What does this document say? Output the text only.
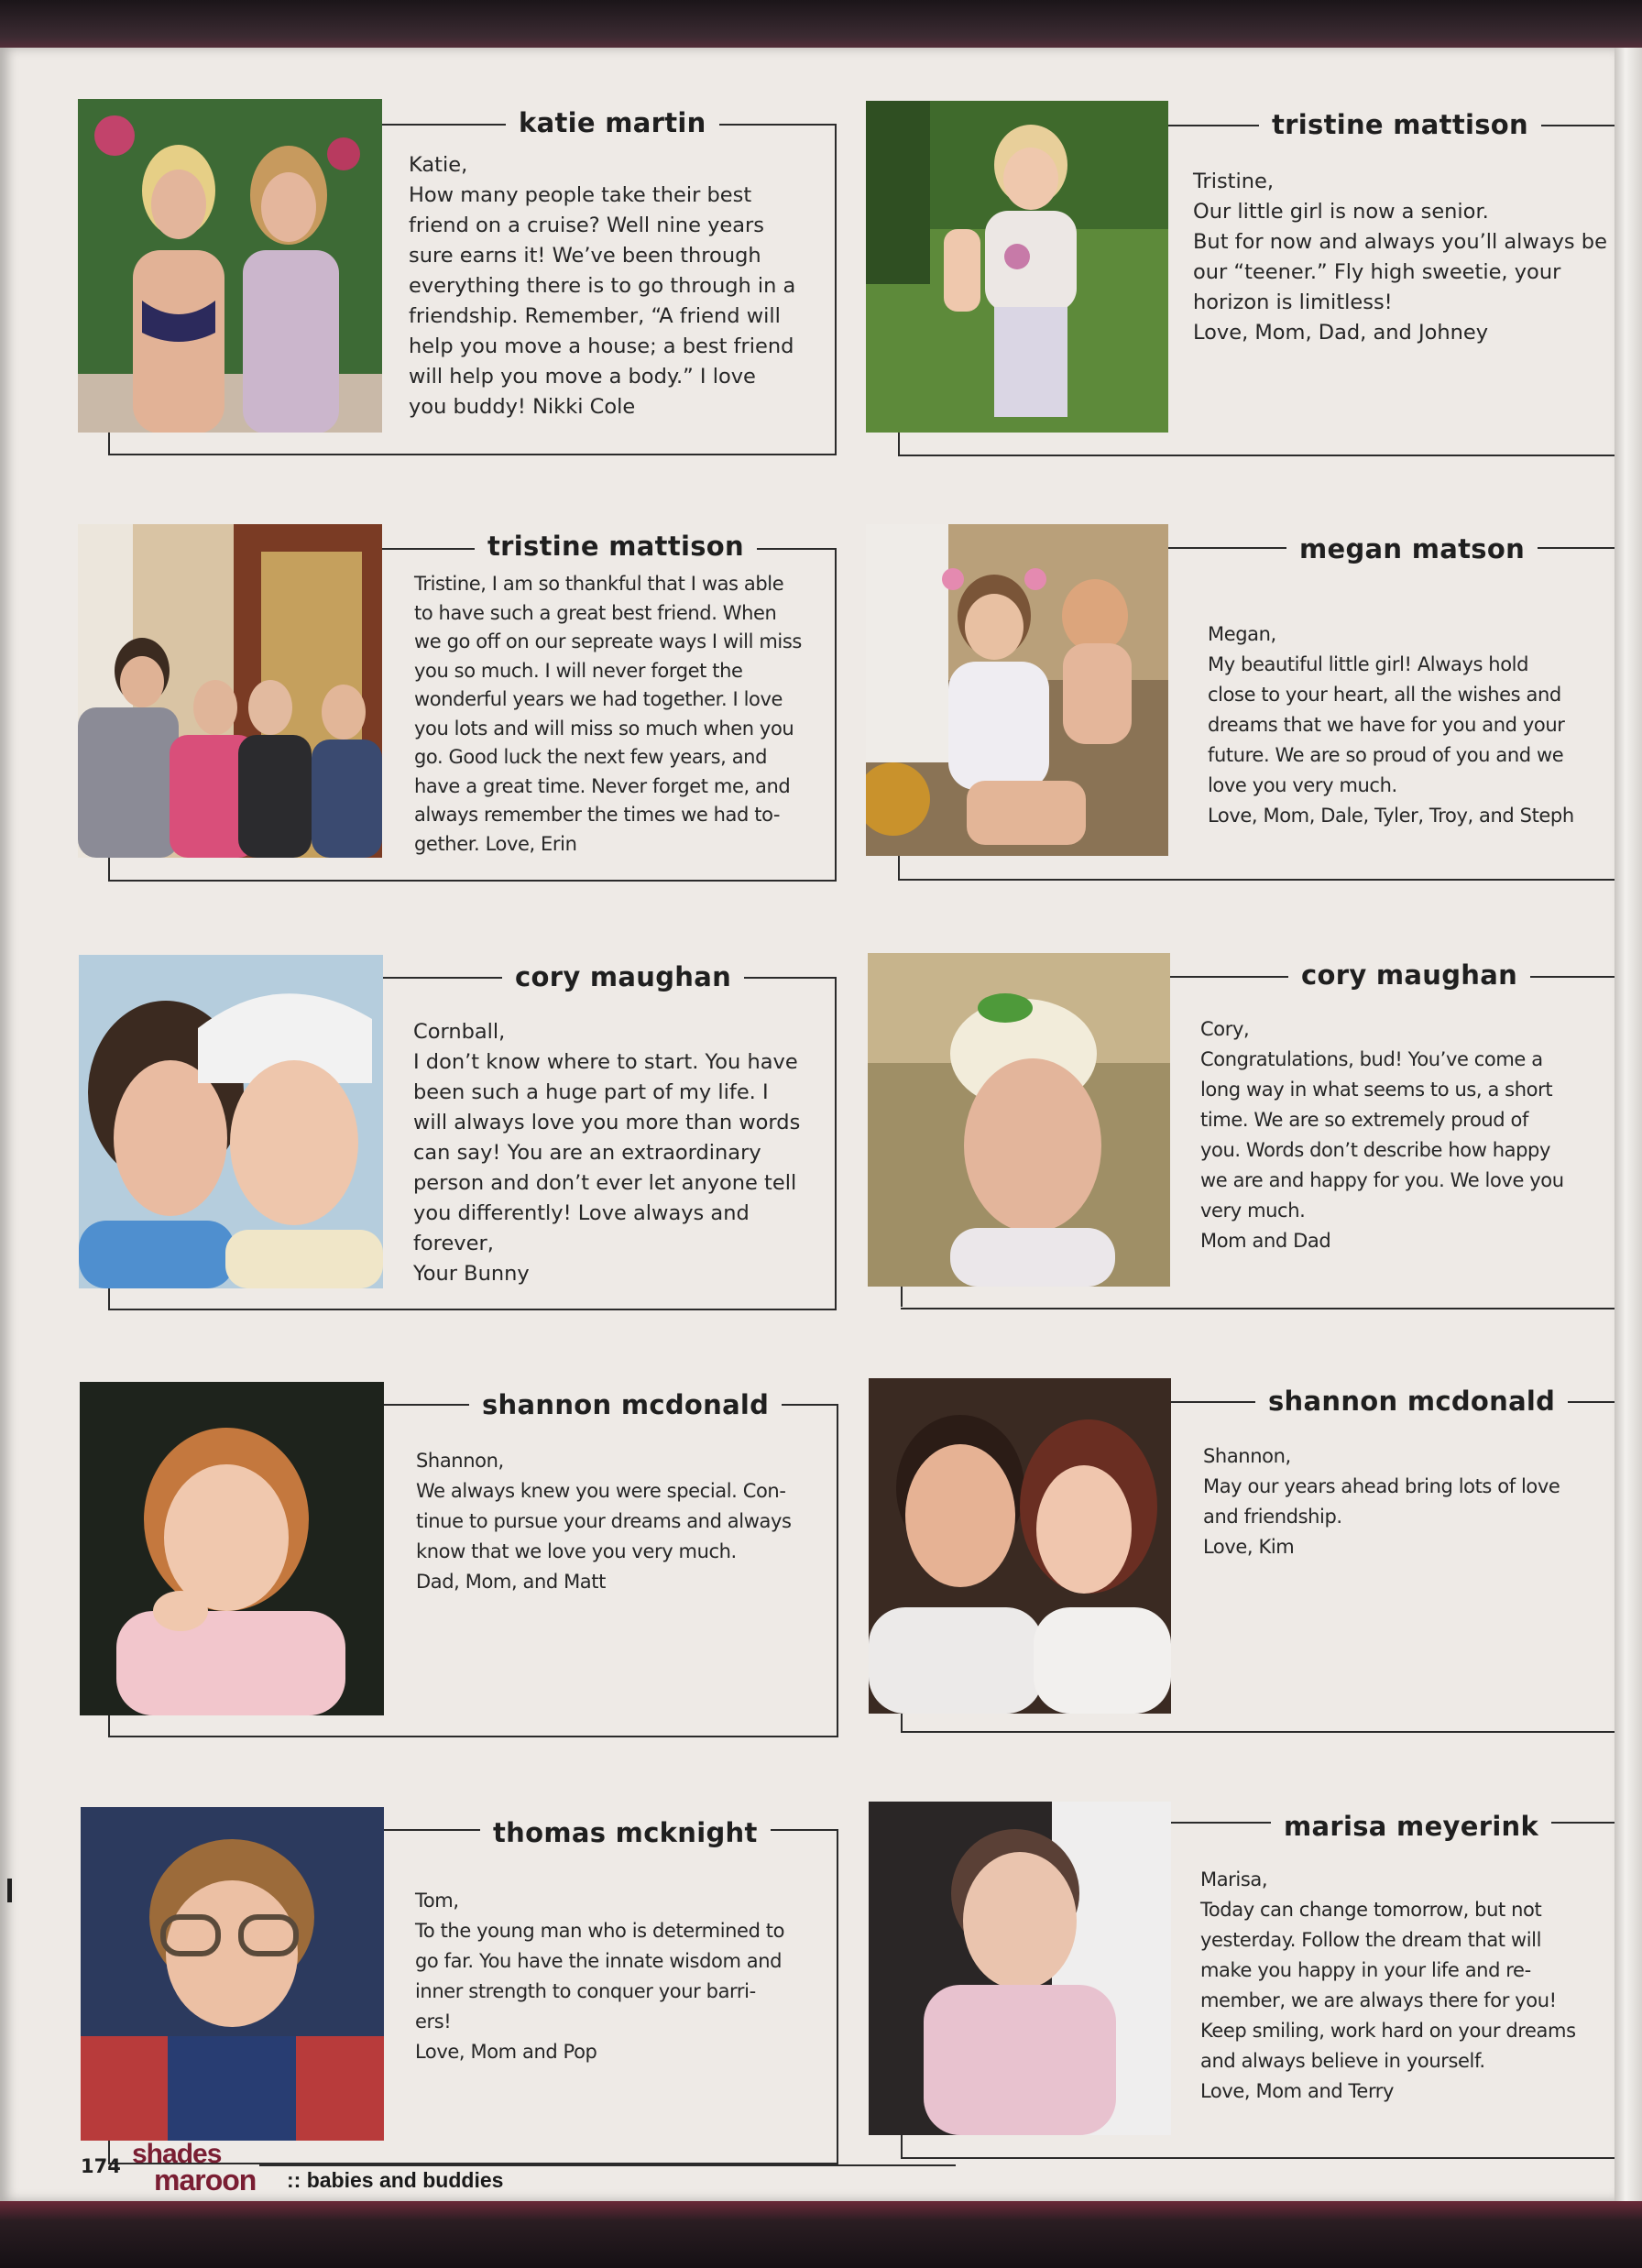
katie martin
Katie,
How many people take their best
friend on a cruise? Well nine years
sure earns it! We’ve been through
everything there is to go through in a
friendship. Remember, “A friend will
help you move a house; a best friend
will help you move a body.” I love
you buddy! Nikki Cole
tristine mattison
Tristine,
Our little girl is now a senior.
But for now and always you’ll always be
our “teener.” Fly high sweetie, your
horizon is limitless!
Love, Mom, Dad, and Johney
tristine mattison
Tristine, I am so thankful that I was able
to have such a great best friend. When
we go off on our sepreate ways I will miss
you so much. I will never forget the
wonderful years we had together. I love
you lots and will miss so much when you
go. Good luck the next few years, and
have a great time. Never forget me, and
always remember the times we had to-
gether. Love, Erin
megan matson
Megan,
My beautiful little girl! Always hold
close to your heart, all the wishes and
dreams that we have for you and your
future. We are so proud of you and we
love you very much.
Love, Mom, Dale, Tyler, Troy, and Steph
cory maughan
Cornball,
I don’t know where to start. You have
been such a huge part of my life. I
will always love you more than words
can say! You are an extraordinary
person and don’t ever let anyone tell
you differently! Love always and
forever,
Your Bunny
cory maughan
Cory,
Congratulations, bud! You’ve come a
long way in what seems to us, a short
time. We are so extremely proud of
you. Words don’t describe how happy
we are and happy for you. We love you
very much.
Mom and Dad
shannon mcdonald
Shannon,
We always knew you were special. Con-
tinue to pursue your dreams and always
know that we love you very much.
Dad, Mom, and Matt
shannon mcdonald
Shannon,
May our years ahead bring lots of love
and friendship.
Love, Kim
thomas mcknight
Tom,
To the young man who is determined to
go far. You have the innate wisdom and
inner strength to conquer your barri-
ers!
Love, Mom and Pop
marisa meyerink
Marisa,
Today can change tomorrow, but not
yesterday. Follow the dream that will
make you happy in your life and re-
member, we are always there for you!
Keep smiling, work hard on your dreams
and always believe in yourself.
Love, Mom and Terry
174 shades
maroon :: babies and buddies
